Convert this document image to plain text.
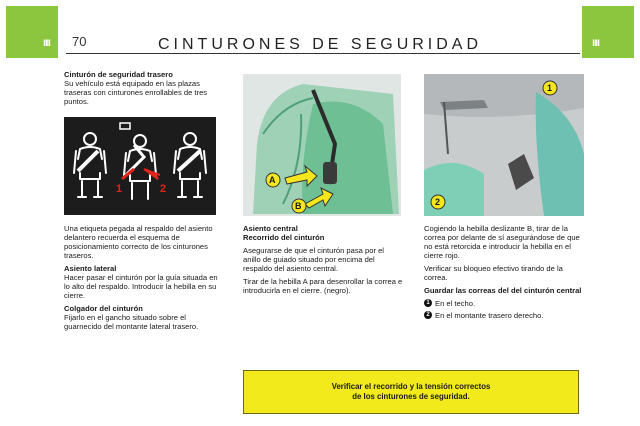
III	III
70	CINTURONES DE SEGURIDAD

Cinturón de seguridad trasero
Su vehículo está equipado en las plazas traseras con cinturones enrollables de tres puntos.

1	2

Una etiqueta pegada al respaldo del asiento delantero recuerda el esquema de posicionamiento correcto de los cinturones traseros.

Asiento lateral
Hacer pasar el cinturón por la guía situada en lo alto del respaldo. Introducir la hebilla en su cierre.

Colgador del cinturón
Fijarlo en el gancho situado sobre el guarnecido del montante lateral trasero.

A
B

Asiento central
Recorrido del cinturón

Asegurarse de que el cinturón pasa por el anillo de guiado situado por encima del respaldo del asiento central.

Tirar de la hebilla A para desenrollar la correa e introducirla en el cierre. (negro).

1
2

Cogiendo la hebilla deslizante B, tirar de la correa por delante de sí asegurándose de que no está retorcida e introducir la hebilla en el cierre rojo.

Verificar su bloqueo efectivo tirando de la correa.

Guardar las correas del del cinturón central

1 En el techo.
2 En el montante trasero derecho.
Verificar el recorrido y la tensión correctos
de los cinturones de seguridad.
